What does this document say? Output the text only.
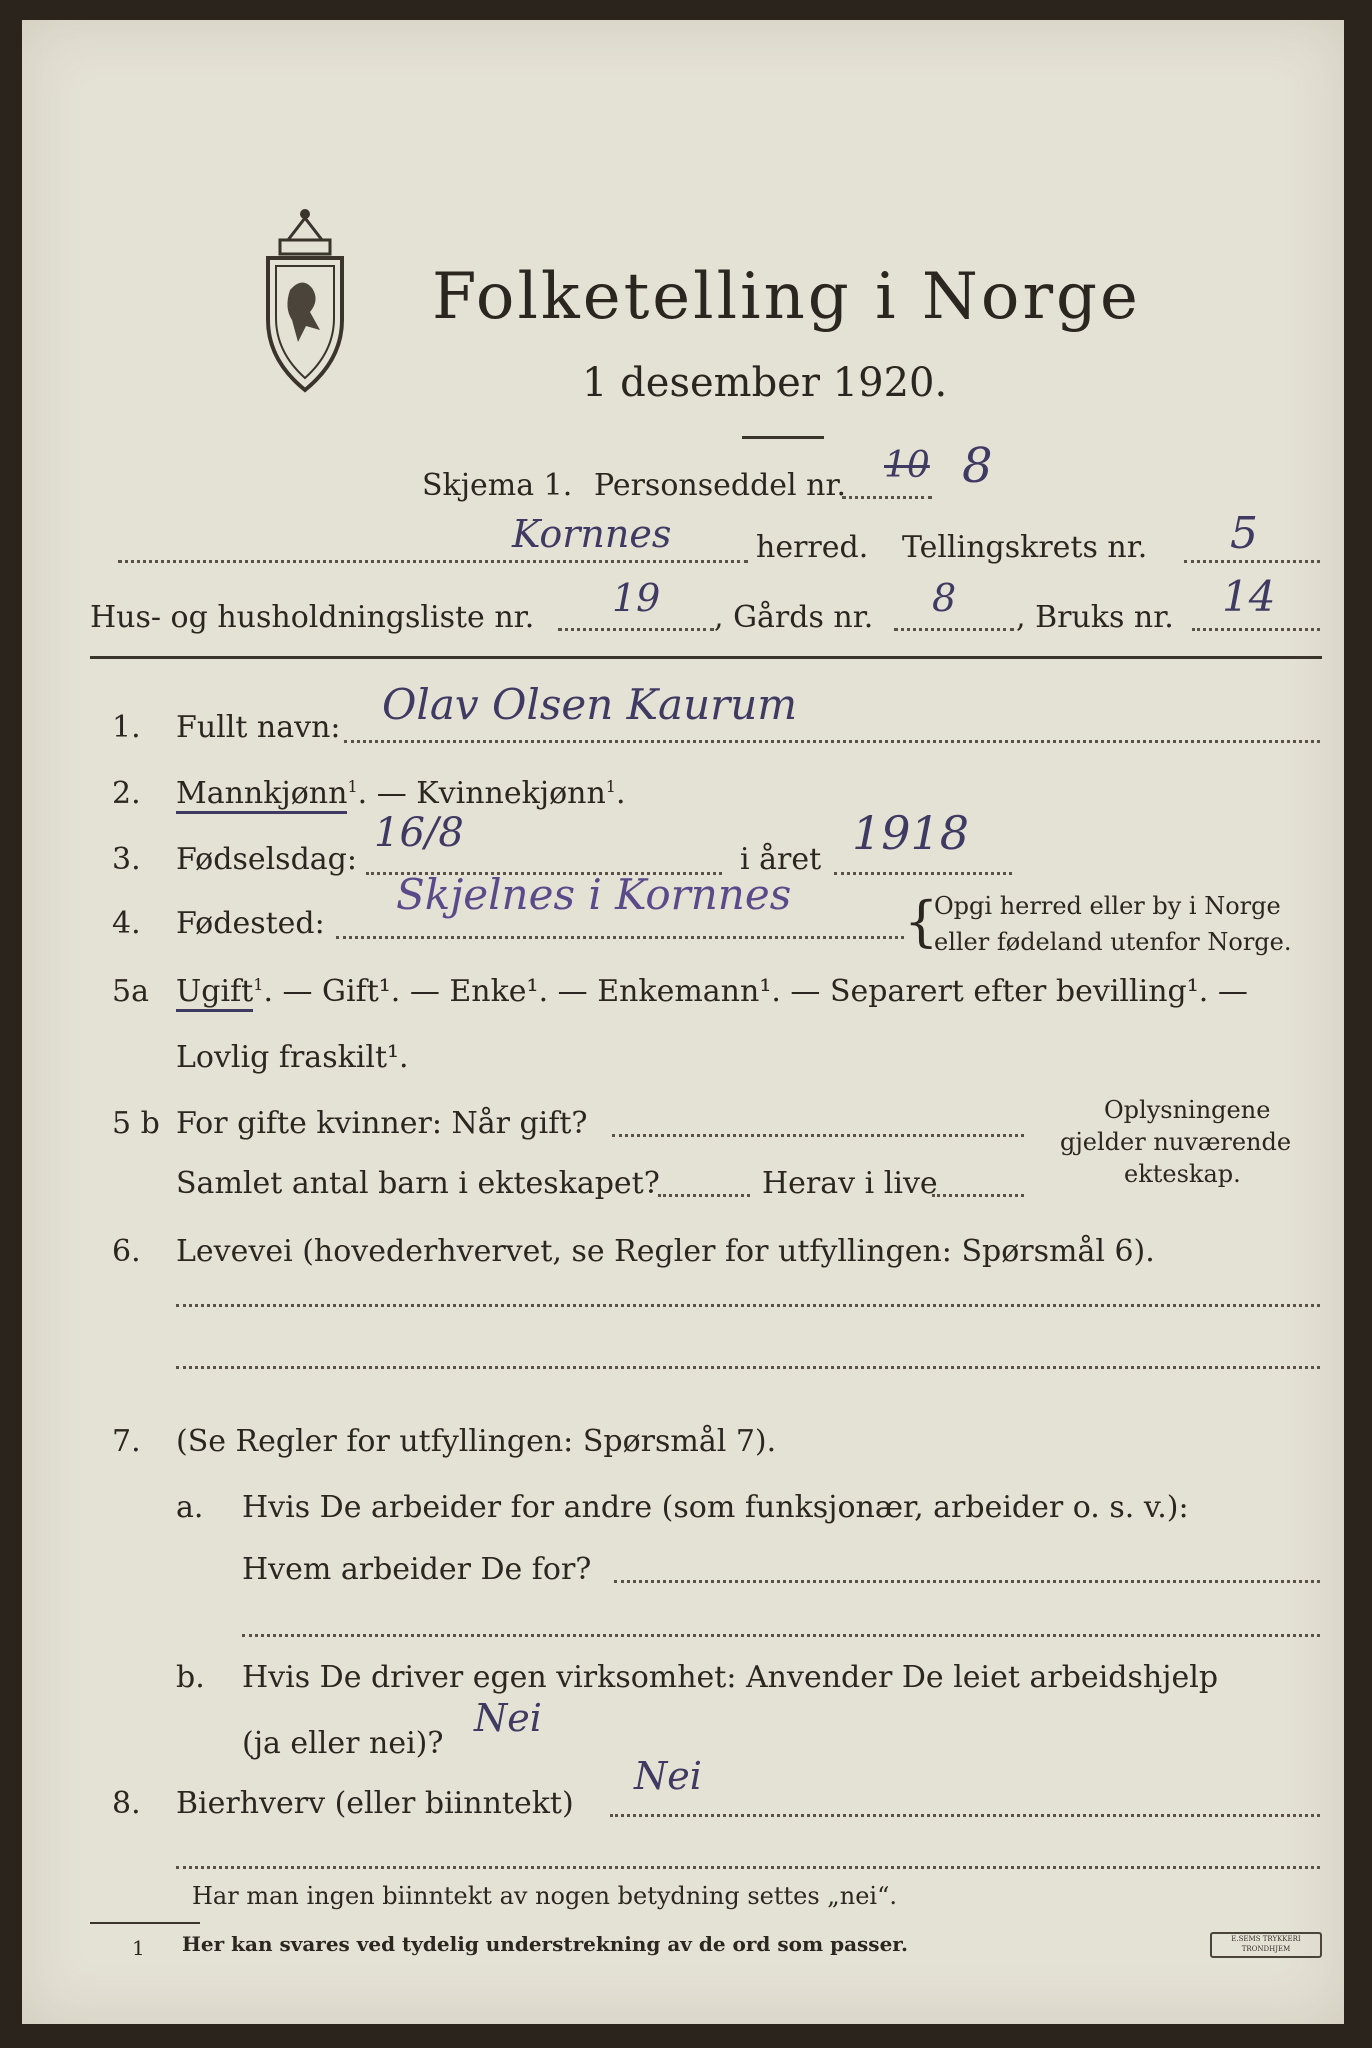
Folketelling i Norge
1 desember 1920.
Skjema 1. Personseddel nr. 10 8
Kornnes	herred. Tellingskrets nr. 5
Hus- og husholdningsliste nr. 19 , Gårds nr. 8 , Bruks nr. 14
1. Fullt navn: Olav Olsen Kaurum
2. Mannkjønn$^1$. — Kvinnekjønn$^1$.
3. Fødselsdag:
16/8
i året 1918
4. Fødested:
Skjelnes i Kornnes {
Opgi herred eller by i Norge
eller fødeland utenfor Norge.
5a Ugift$^1$. — Gift¹. — Enke¹. — Enkemann¹. — Separert efter bevilling¹. —
Lovlig fraskilt¹.
5 b For gifte kvinner: Når gift?
Samlet antal barn i ekteskapet?	Herav i live
Oplysningene
gjelder nuværende
ekteskap.
6. Levevei (hovederhvervet, se Regler for utfyllingen: Spørsmål 6).
7. (Se Regler for utfyllingen: Spørsmål 7).
a. Hvis De arbeider for andre (som funksjonær, arbeider o. s. v.):
Hvem arbeider De for?
b. Hvis De driver egen virksomhet: Anvender De leiet arbeidshjelp
(ja eller nei)?
Nei
8. Bierhverv (eller biinntekt)
Nei
Har man ingen biinntekt av nogen betydning settes „nei“.
1 Her kan svares ved tydelig understrekning av de ord som passer.	E.SEMS TRYKKERI
TRONDHJEM
